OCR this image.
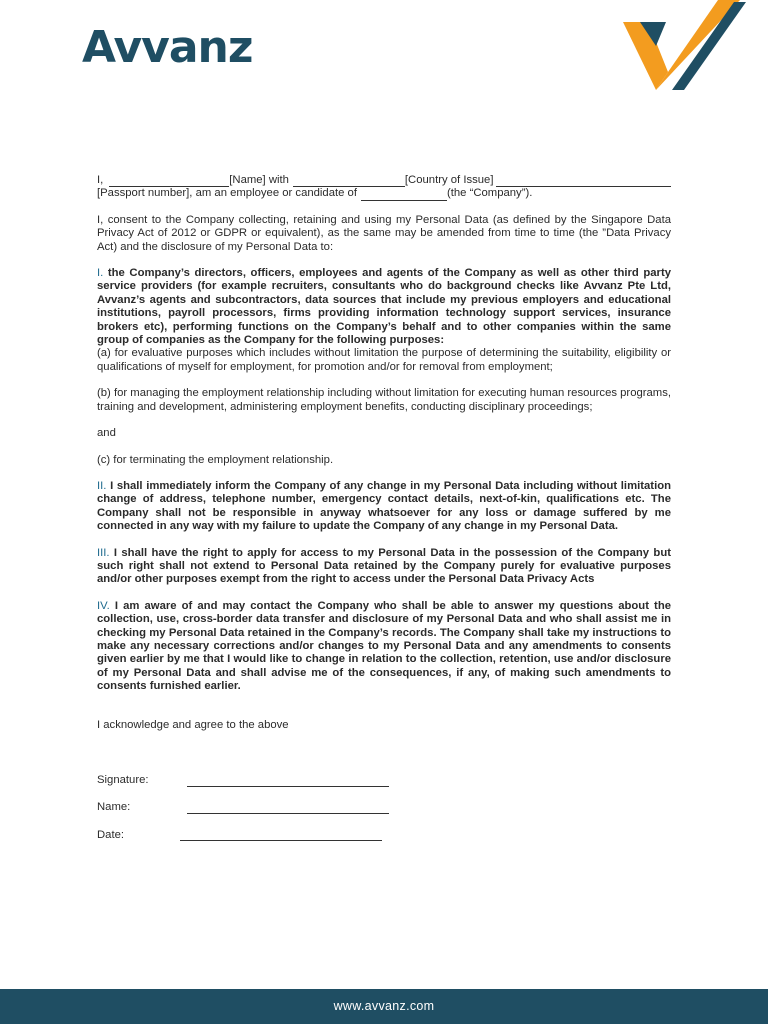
Avvanz
I,	[Name] with	[Country of Issue]
[Passport number], am an employee or candidate of	(the “Company”).

I, consent to the Company collecting, retaining and using my Personal Data (as defined by the Singapore Data Privacy Act of 2012 or GDPR or equivalent), as the same may be amended from time to time (the ”Data Privacy Act) and the disclosure of my Personal Data to:

I. the Company’s directors, officers, employees and agents of the Company as well as other third party service providers (for example recruiters, consultants who do background checks like Avvanz Pte Ltd, Avvanz’s agents and subcontractors, data sources that include my previous employers and educational institutions, payroll processors, firms providing information technology support services, insurance brokers etc), performing functions on the Company’s behalf and to other companies within the same group of companies as the Company for the following purposes:

(a) for evaluative purposes which includes without limitation the purpose of determining the suitability, eligibility or qualifications of myself for employment, for promotion and/or for removal from employment;

(b) for managing the employment relationship including without limitation for executing human resources programs, training and development, administering employment benefits, conducting disciplinary proceedings;

and

(c) for terminating the employment relationship.

II. I shall immediately inform the Company of any change in my Personal Data including without limitation change of address, telephone number, emergency contact details, next-of-kin, qualifications etc. The Company shall not be responsible in anyway whatsoever for any loss or damage suffered by me connected in any way with my failure to update the Company of any change in my Personal Data.

III. I shall have the right to apply for access to my Personal Data in the possession of the Company but such right shall not extend to Personal Data retained by the Company purely for evaluative purposes and/or other purposes exempt from the right to access under the Personal Data Privacy Acts

IV. I am aware of and may contact the Company who shall be able to answer my questions about the collection, use, cross-border data transfer and disclosure of my Personal Data and who shall assist me in checking my Personal Data retained in the Company’s records. The Company shall take my instructions to make any necessary corrections and/or changes to my Personal Data and any amendments to consents given earlier by me that I would like to change in relation to the collection, retention, use and/or disclosure of my Personal Data and shall advise me of the consequences, if any, of making such amendments to consents furnished earlier.

I acknowledge and agree to the above
Signature:
Name:
Date:
www.avvanz.com
